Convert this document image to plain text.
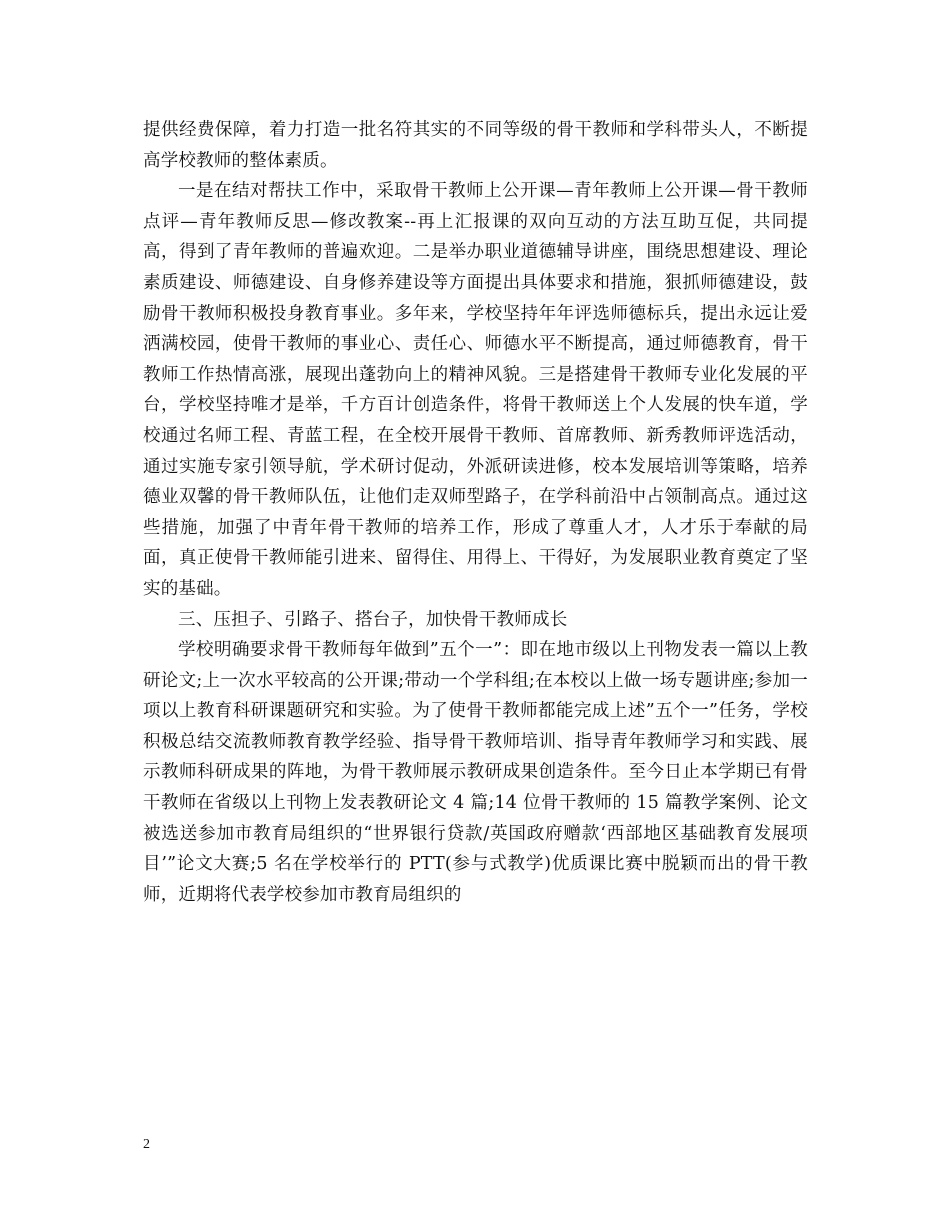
提供经费保障，着力打造一批名符其实的不同等级的骨干教师和学科带头人，不断提高学校教师的整体素质。

一是在结对帮扶工作中，采取骨干教师上公开课—青年教师上公开课—骨干教师点评—青年教师反思—修改教案--再上汇报课的双向互动的方法互助互促，共同提高，得到了青年教师的普遍欢迎。二是举办职业道德辅导讲座，围绕思想建设、理论素质建设、师德建设、自身修养建设等方面提出具体要求和措施，狠抓师德建设，鼓励骨干教师积极投身教育事业。多年来，学校坚持年年评选师德标兵，提出永远让爱洒满校园，使骨干教师的事业心、责任心、师德水平不断提高，通过师德教育，骨干教师工作热情高涨，展现出蓬勃向上的精神风貌。三是搭建骨干教师专业化发展的平台，学校坚持唯才是举，千方百计创造条件，将骨干教师送上个人发展的快车道，学校通过名师工程、青蓝工程，在全校开展骨干教师、首席教师、新秀教师评选活动，通过实施专家引领导航，学术研讨促动，外派研读进修，校本发展培训等策略，培养德业双馨的骨干教师队伍，让他们走双师型路子，在学科前沿中占领制高点。通过这些措施，加强了中青年骨干教师的培养工作，形成了尊重人才，人才乐于奉献的局面，真正使骨干教师能引进来、留得住、用得上、干得好，为发展职业教育奠定了坚实的基础。

三、压担子、引路子、搭台子，加快骨干教师成长

学校明确要求骨干教师每年做到”五个一”：即在地市级以上刊物发表一篇以上教研论文;上一次水平较高的公开课;带动一个学科组;在本校以上做一场专题讲座;参加一项以上教育科研课题研究和实验。为了使骨干教师都能完成上述”五个一”任务，学校积极总结交流教师教育教学经验、指导骨干教师培训、指导青年教师学习和实践、展示教师科研成果的阵地，为骨干教师展示教研成果创造条件。至今日止本学期已有骨干教师在省级以上刊物上发表教研论文 4 篇;14 位骨干教师的 15 篇教学案例、论文被选送参加市教育局组织的“世界银行贷款/英国政府赠款‘西部地区基础教育发展项目’”论文大赛;5 名在学校举行的 PTT(参与式教学)优质课比赛中脱颖而出的骨干教师，近期将代表学校参加市教育局组织的

2
